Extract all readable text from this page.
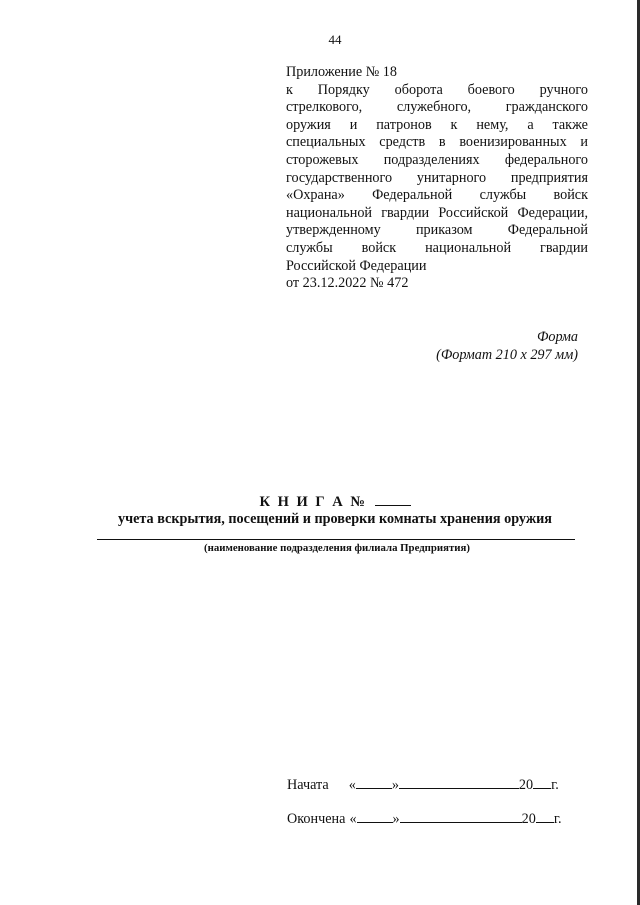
44
Приложение № 18
к Порядку оборота боевого ручного
стрелкового, служебного, гражданского
оружия и патронов к нему, а также
специальных средств в военизированных и
сторожевых подразделениях федерального
государственного унитарного предприятия
«Охрана» Федеральной службы войск
национальной гвардии Российской Федерации,
утвержденному приказом Федеральной
службы войск национальной гвардии
Российской Федерации
от 23.12.2022 № 472
Форма
(Формат 210 х 297 мм)
К Н И Г А №
учета вскрытия, посещений и проверки комнаты хранения оружия
(наименование подразделения филиала Предприятия)
Начата «	»	20 г.
Окончена «	»	20 г.
